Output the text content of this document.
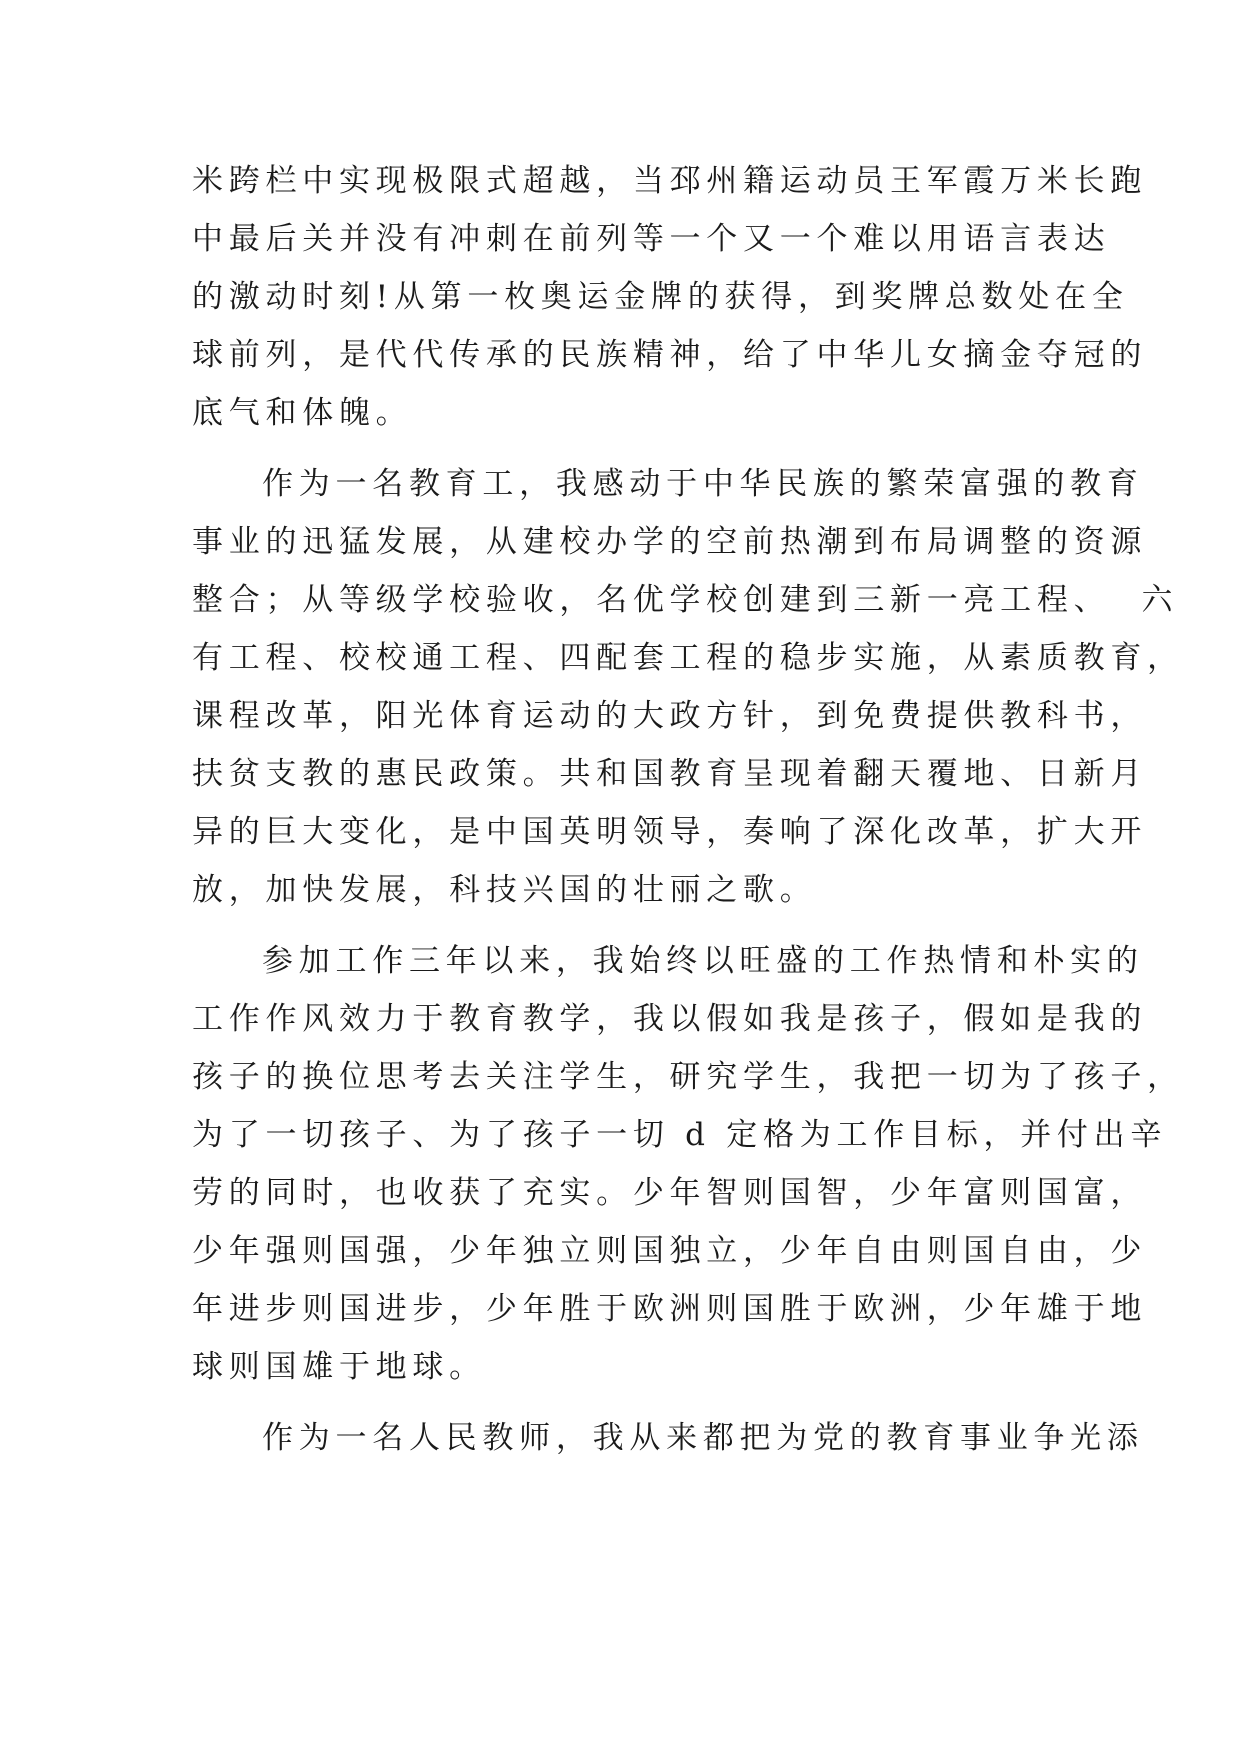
米跨栏中实现极限式超越，当邳州籍运动员王军霞万米长跑
中最后关并没有冲刺在前列等一个又一个难以用语言表达
的激动时刻!从第一枚奥运金牌的获得，到奖牌总数处在全
球前列，是代代传承的民族精神，给了中华儿女摘金夺冠的
底气和体魄。
作为一名教育工，我感动于中华民族的繁荣富强的教育
事业的迅猛发展，从建校办学的空前热潮到布局调整的资源
整合；从等级学校验收，名优学校创建到三新一亮工程、  六
有工程、校校通工程、四配套工程的稳步实施，从素质教育，
课程改革，阳光体育运动的大政方针，到免费提供教科书，
扶贫支教的惠民政策。共和国教育呈现着翻天覆地、日新月
异的巨大变化，是中国英明领导，奏响了深化改革，扩大开
放，加快发展，科技兴国的壮丽之歌。
参加工作三年以来，我始终以旺盛的工作热情和朴实的
工作作风效力于教育教学，我以假如我是孩子，假如是我的
孩子的换位思考去关注学生，研究学生，我把一切为了孩子，
为了一切孩子、为了孩子一切 d 定格为工作目标，并付出辛
劳的同时，也收获了充实。少年智则国智，少年富则国富，
少年强则国强，少年独立则国独立，少年自由则国自由，少
年进步则国进步，少年胜于欧洲则国胜于欧洲，少年雄于地
球则国雄于地球。
作为一名人民教师，我从来都把为党的教育事业争光添
